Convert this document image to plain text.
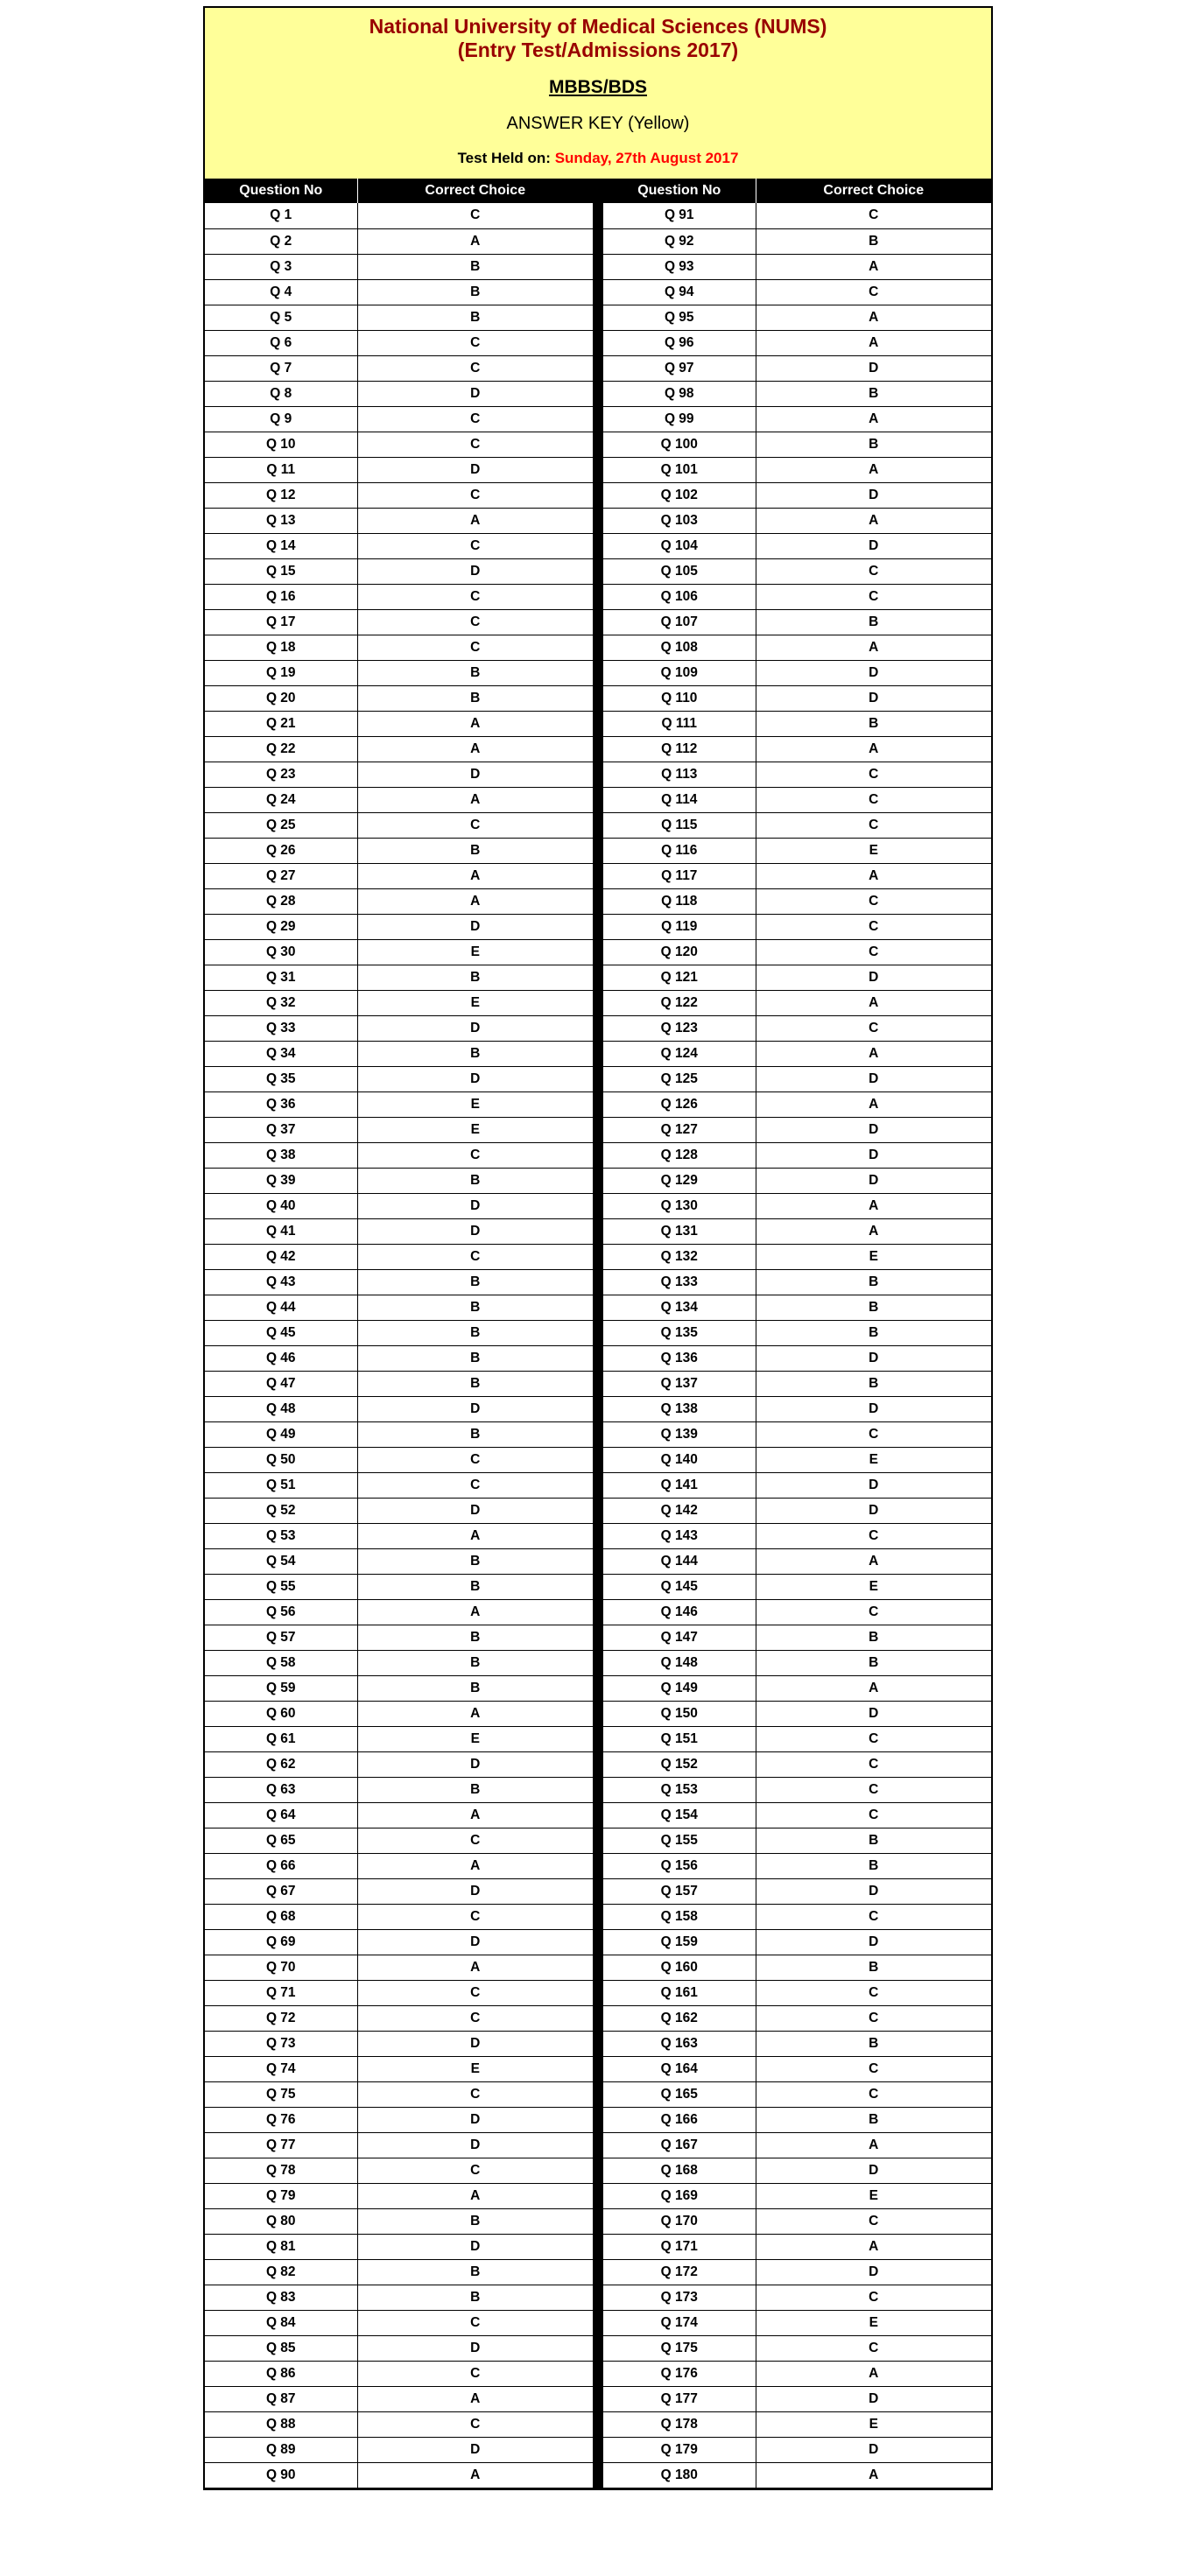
National University of Medical Sciences (NUMS)
(Entry Test/Admissions 2017)
MBBS/BDS
ANSWER KEY (Yellow)
Test Held on: Sunday, 27th August 2017
Question No	Correct Choice
Q 1	C
Q 2	A
Q 3	B
Q 4	B
Q 5	B
Q 6	C
Q 7	C
Q 8	D
Q 9	C
Q 10	C
Q 11	D
Q 12	C
Q 13	A
Q 14	C
Q 15	D
Q 16	C
Q 17	C
Q 18	C
Q 19	B
Q 20	B
Q 21	A
Q 22	A
Q 23	D
Q 24	A
Q 25	C
Q 26	B
Q 27	A
Q 28	A
Q 29	D
Q 30	E
Q 31	B
Q 32	E
Q 33	D
Q 34	B
Q 35	D
Q 36	E
Q 37	E
Q 38	C
Q 39	B
Q 40	D
Q 41	D
Q 42	C
Q 43	B
Q 44	B
Q 45	B
Q 46	B
Q 47	B
Q 48	D
Q 49	B
Q 50	C
Q 51	C
Q 52	D
Q 53	A
Q 54	B
Q 55	B
Q 56	A
Q 57	B
Q 58	B
Q 59	B
Q 60	A
Q 61	E
Q 62	D
Q 63	B
Q 64	A
Q 65	C
Q 66	A
Q 67	D
Q 68	C
Q 69	D
Q 70	A
Q 71	C
Q 72	C
Q 73	D
Q 74	E
Q 75	C
Q 76	D
Q 77	D
Q 78	C
Q 79	A
Q 80	B
Q 81	D
Q 82	B
Q 83	B
Q 84	C
Q 85	D
Q 86	C
Q 87	A
Q 88	C
Q 89	D
Q 90	A
Question No	Correct Choice
Q 91	C
Q 92	B
Q 93	A
Q 94	C
Q 95	A
Q 96	A
Q 97	D
Q 98	B
Q 99	A
Q 100	B
Q 101	A
Q 102	D
Q 103	A
Q 104	D
Q 105	C
Q 106	C
Q 107	B
Q 108	A
Q 109	D
Q 110	D
Q 111	B
Q 112	A
Q 113	C
Q 114	C
Q 115	C
Q 116	E
Q 117	A
Q 118	C
Q 119	C
Q 120	C
Q 121	D
Q 122	A
Q 123	C
Q 124	A
Q 125	D
Q 126	A
Q 127	D
Q 128	D
Q 129	D
Q 130	A
Q 131	A
Q 132	E
Q 133	B
Q 134	B
Q 135	B
Q 136	D
Q 137	B
Q 138	D
Q 139	C
Q 140	E
Q 141	D
Q 142	D
Q 143	C
Q 144	A
Q 145	E
Q 146	C
Q 147	B
Q 148	B
Q 149	A
Q 150	D
Q 151	C
Q 152	C
Q 153	C
Q 154	C
Q 155	B
Q 156	B
Q 157	D
Q 158	C
Q 159	D
Q 160	B
Q 161	C
Q 162	C
Q 163	B
Q 164	C
Q 165	C
Q 166	B
Q 167	A
Q 168	D
Q 169	E
Q 170	C
Q 171	A
Q 172	D
Q 173	C
Q 174	E
Q 175	C
Q 176	A
Q 177	D
Q 178	E
Q 179	D
Q 180	A
